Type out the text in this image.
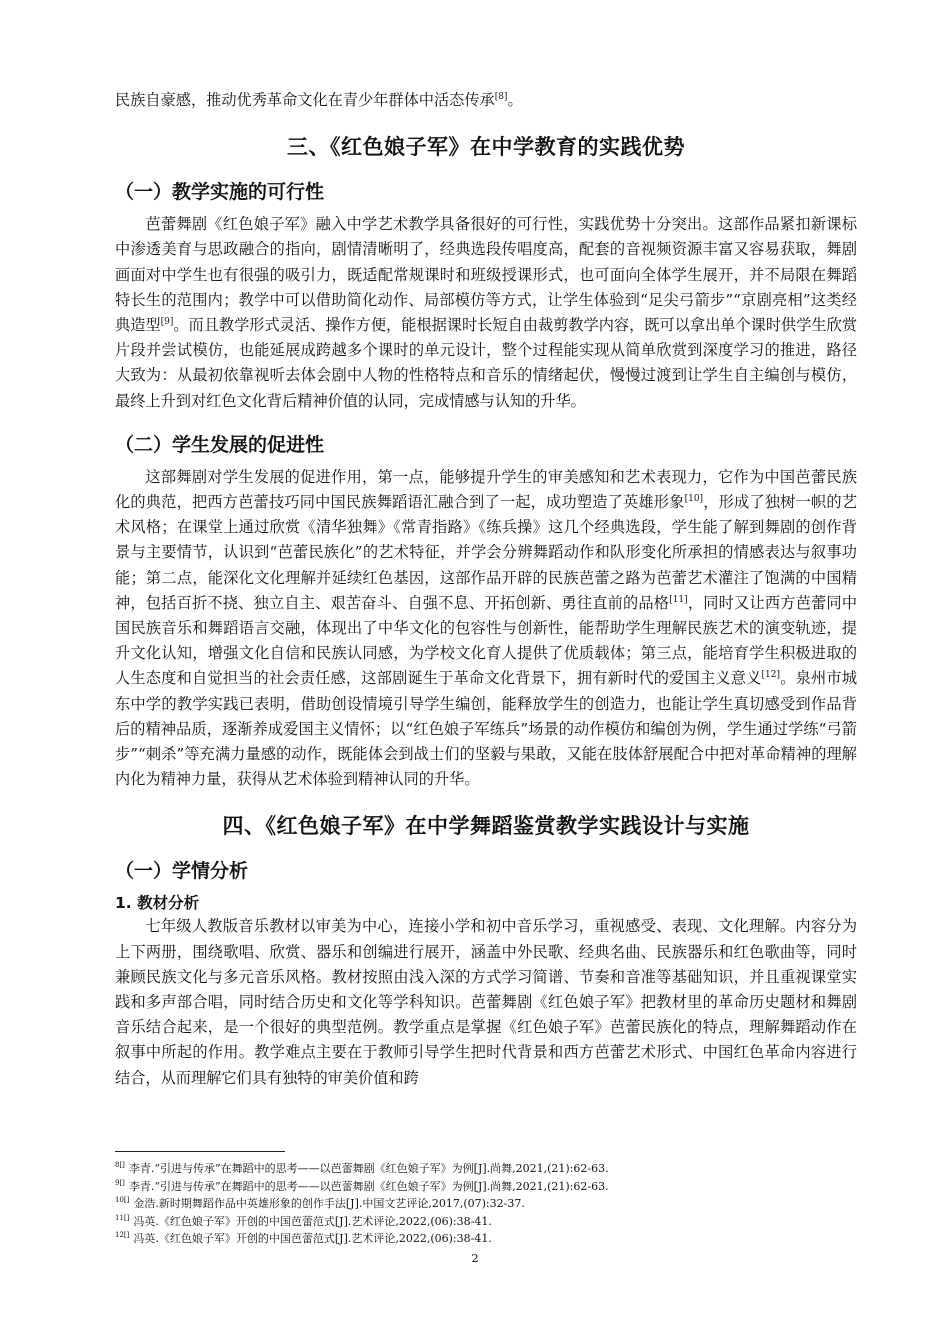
民族自豪感，推动优秀革命文化在青少年群体中活态传承[8]。

三、《红色娘子军》在中学教育的实践优势
（一）教学实施的可行性

芭蕾舞剧《红色娘子军》融入中学艺术教学具备很好的可行性，实践优势十分突出。这部作品紧扣新课标中渗透美育与思政融合的指向，剧情清晰明了，经典选段传唱度高，配套的音视频资源丰富又容易获取，舞剧画面对中学生也有很强的吸引力，既适配常规课时和班级授课形式，也可面向全体学生展开，并不局限在舞蹈特长生的范围内；教学中可以借助简化动作、局部模仿等方式，让学生体验到“足尖弓箭步”“京剧亮相”这类经典造型[9]。而且教学形式灵活、操作方便，能根据课时长短自由裁剪教学内容，既可以拿出单个课时供学生欣赏片段并尝试模仿，也能延展成跨越多个课时的单元设计，整个过程能实现从简单欣赏到深度学习的推进，路径大致为：从最初依靠视听去体会剧中人物的性格特点和音乐的情绪起伏，慢慢过渡到让学生自主编创与模仿，最终上升到对红色文化背后精神价值的认同，完成情感与认知的升华。

（二）学生发展的促进性

这部舞剧对学生发展的促进作用，第一点，能够提升学生的审美感知和艺术表现力，它作为中国芭蕾民族化的典范，把西方芭蕾技巧同中国民族舞蹈语汇融合到了一起，成功塑造了英雄形象[10]，形成了独树一帜的艺术风格；在课堂上通过欣赏《清华独舞》《常青指路》《练兵操》这几个经典选段，学生能了解到舞剧的创作背景与主要情节，认识到“芭蕾民族化”的艺术特征，并学会分辨舞蹈动作和队形变化所承担的情感表达与叙事功能；第二点，能深化文化理解并延续红色基因，这部作品开辟的民族芭蕾之路为芭蕾艺术灌注了饱满的中国精神，包括百折不挠、独立自主、艰苦奋斗、自强不息、开拓创新、勇往直前的品格[11]，同时又让西方芭蕾同中国民族音乐和舞蹈语言交融，体现出了中华文化的包容性与创新性，能帮助学生理解民族艺术的演变轨迹，提升文化认知，增强文化自信和民族认同感，为学校文化育人提供了优质载体；第三点，能培育学生积极进取的人生态度和自觉担当的社会责任感，这部剧诞生于革命文化背景下，拥有新时代的爱国主义意义[12]。泉州市城东中学的教学实践已表明，借助创设情境引导学生编创，能释放学生的创造力，也能让学生真切感受到作品背后的精神品质，逐渐养成爱国主义情怀；以“红色娘子军练兵”场景的动作模仿和编创为例，学生通过学练“弓箭步”“刺杀”等充满力量感的动作，既能体会到战士们的坚毅与果敢，又能在肢体舒展配合中把对革命精神的理解内化为精神力量，获得从艺术体验到精神认同的升华。

四、《红色娘子军》在中学舞蹈鉴赏教学实践设计与实施
（一）学情分析
1. 教材分析

七年级人教版音乐教材以审美为中心，连接小学和初中音乐学习，重视感受、表现、文化理解。内容分为上下两册，围绕歌唱、欣赏、器乐和创编进行展开，涵盖中外民歌、经典名曲、民族器乐和红色歌曲等，同时兼顾民族文化与多元音乐风格。教材按照由浅入深的方式学习简谱、节奏和音准等基础知识，并且重视课堂实践和多声部合唱，同时结合历史和文化等学科知识。芭蕾舞剧《红色娘子军》把教材里的革命历史题材和舞剧音乐结合起来，是一个很好的典型范例。教学重点是掌握《红色娘子军》芭蕾民族化的特点，理解舞蹈动作在叙事中所起的作用。教学难点主要在于教师引导学生把时代背景和西方芭蕾艺术形式、中国红色革命内容进行结合，从而理解它们具有独特的审美价值和跨

$^{8[]}$ 李青.“引进与传承”在舞蹈中的思考——以芭蕾舞剧《红色娘子军》为例[J].尚舞,2021,(21):62-63.

$^{9[]}$ 李青.“引进与传承”在舞蹈中的思考——以芭蕾舞剧《红色娘子军》为例[J].尚舞,2021,(21):62-63.

$^{10[]}$ 金浩.新时期舞蹈作品中英雄形象的创作手法[J].中国文艺评论,2017,(07):32-37.

$^{11[]}$ 冯英.《红色娘子军》开创的中国芭蕾范式[J].艺术评论,2022,(06):38-41.

$^{12[]}$ 冯英.《红色娘子军》开创的中国芭蕾范式[J].艺术评论,2022,(06):38-41.

2
